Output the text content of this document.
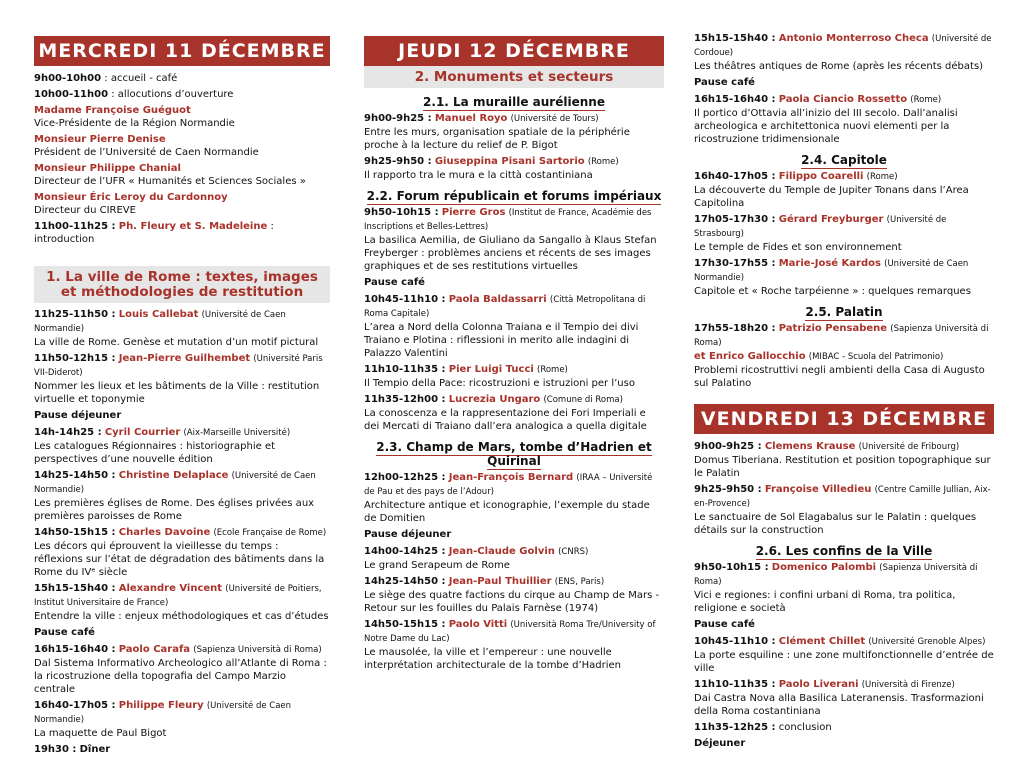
MERCREDI 11 DÉCEMBRE
9h00-10h00 : accueil - café
10h00-11h00 : allocutions d’ouverture
Madame Françoise Guéguot
Vice-Présidente de la Région Normandie
Monsieur Pierre Denise
Président de l’Université de Caen Normandie
Monsieur Philippe Chanial
Directeur de l’UFR « Humanités et Sciences Sociales »
Monsieur Éric Leroy du Cardonnoy
Directeur du CIREVE
11h00-11h25 : Ph. Fleury et S. Madeleine : introduction
1. La ville de Rome : textes, images et méthodologies de restitution
11h25-11h50 : Louis Callebat (Université de Caen Normandie)
La ville de Rome. Genèse et mutation d’un motif pictural
11h50-12h15 : Jean-Pierre Guilhembet (Université Paris VII-Diderot)
Nommer les lieux et les bâtiments de la Ville : restitution virtuelle et toponymie
Pause déjeuner
14h-14h25 : Cyril Courrier (Aix-Marseille Université)
Les catalogues Régionnaires : historiographie et perspectives d’une nouvelle édition
14h25-14h50 : Christine Delaplace (Université de Caen Normandie)
Les premières églises de Rome. Des églises privées aux premières paroisses de Rome
14h50-15h15 : Charles Davoine (Ecole Française de Rome)
Les décors qui éprouvent la vieillesse du temps : réflexions sur l’état de dégradation des bâtiments dans la Rome du IVᵉ siècle
15h15-15h40 : Alexandre Vincent (Université de Poitiers, Institut Universitaire de France)
Entendre la ville : enjeux méthodologiques et cas d’études
Pause café
16h15-16h40 : Paolo Carafa (Sapienza Università di Roma)
Dal Sistema Informativo Archeologico all’Atlante di Roma : la ricostruzione della topografia del Campo Marzio centrale
16h40-17h05 : Philippe Fleury (Université de Caen Normandie)
La maquette de Paul Bigot
19h30 : Dîner
JEUDI 12 DÉCEMBRE
2. Monuments et secteurs
2.1. La muraille aurélienne
9h00-9h25 : Manuel Royo (Université de Tours)
Entre les murs, organisation spatiale de la périphérie proche à la lecture du relief de P. Bigot
9h25-9h50 : Giuseppina Pisani Sartorio (Rome)
Il rapporto tra le mura e la città costantiniana
2.2. Forum républicain et forums impériaux
9h50-10h15 : Pierre Gros (Institut de France, Académie des Inscriptions et Belles-Lettres)
La basilica Aemilia, de Giuliano da Sangallo à Klaus Stefan Freyberger : problèmes anciens et récents de ses images graphiques et de ses restitutions virtuelles
Pause café
10h45-11h10 : Paola Baldassarri (Città Metropolitana di Roma Capitale)
L’area a Nord della Colonna Traiana e il Tempio dei divi Traiano e Plotina : riflessioni in merito alle indagini di Palazzo Valentini
11h10-11h35 : Pier Luigi Tucci (Rome)
Il Tempio della Pace: ricostruzioni e istruzioni per l’uso
11h35-12h00 : Lucrezia Ungaro (Comune di Roma)
La conoscenza e la rappresentazione dei Fori Imperiali e dei Mercati di Traiano dall’era analogica a quella digitale
2.3. Champ de Mars, tombe d’Hadrien et Quirinal
12h00-12h25 : Jean-François Bernard (IRAA – Université de Pau et des pays de l’Adour)
Architecture antique et iconographie, l’exemple du stade de Domitien
Pause déjeuner
14h00-14h25 : Jean-Claude Golvin (CNRS)
Le grand Serapeum de Rome
14h25-14h50 : Jean-Paul Thuillier (ENS, Paris)
Le siège des quatre factions du cirque au Champ de Mars - Retour sur les fouilles du Palais Farnèse (1974)
14h50-15h15 : Paolo Vitti (Università Roma Tre/University of Notre Dame du Lac)
Le mausolée, la ville et l’empereur : une nouvelle interprétation architecturale de la tombe d’Hadrien
15h15-15h40 : Antonio Monterroso Checa (Université de Cordoue)
Les théâtres antiques de Rome (après les récents débats)
Pause café
16h15-16h40 : Paola Ciancio Rossetto (Rome)
Il portico d’Ottavia all’inizio del III secolo. Dall’analisi archeologica e architettonica nuovi elementi per la ricostruzione tridimensionale
2.4. Capitole
16h40-17h05 : Filippo Coarelli (Rome)
La découverte du Temple de Jupiter Tonans dans l’Area Capitolina
17h05-17h30 : Gérard Freyburger (Université de Strasbourg)
Le temple de Fides et son environnement
17h30-17h55 : Marie-José Kardos (Université de Caen Normandie)
Capitole et « Roche tarpéienne » : quelques remarques
2.5. Palatin
17h55-18h20 : Patrizio Pensabene (Sapienza Università di Roma)
et Enrico Gallocchio (MIBAC - Scuola del Patrimonio)
Problemi ricostruttivi negli ambienti della Casa di Augusto sul Palatino
VENDREDI 13 DÉCEMBRE
9h00-9h25 : Clemens Krause (Université de Fribourg)
Domus Tiberiana. Restitution et position topographique sur le Palatin
9h25-9h50 : Françoise Villedieu (Centre Camille Jullian, Aix-en-Provence)
Le sanctuaire de Sol Elagabalus sur le Palatin : quelques détails sur la construction
2.6. Les confins de la Ville
9h50-10h15 : Domenico Palombi (Sapienza Università di Roma)
Vici e regiones: i confini urbani di Roma, tra politica, religione e società
Pause café
10h45-11h10 : Clément Chillet (Université Grenoble Alpes)
La porte esquiline : une zone multifonctionnelle d’entrée de ville
11h10-11h35 : Paolo Liverani (Università di Firenze)
Dai Castra Nova alla Basilica Lateranensis. Trasformazioni della Roma costantiniana
11h35-12h25 : conclusion
Déjeuner
